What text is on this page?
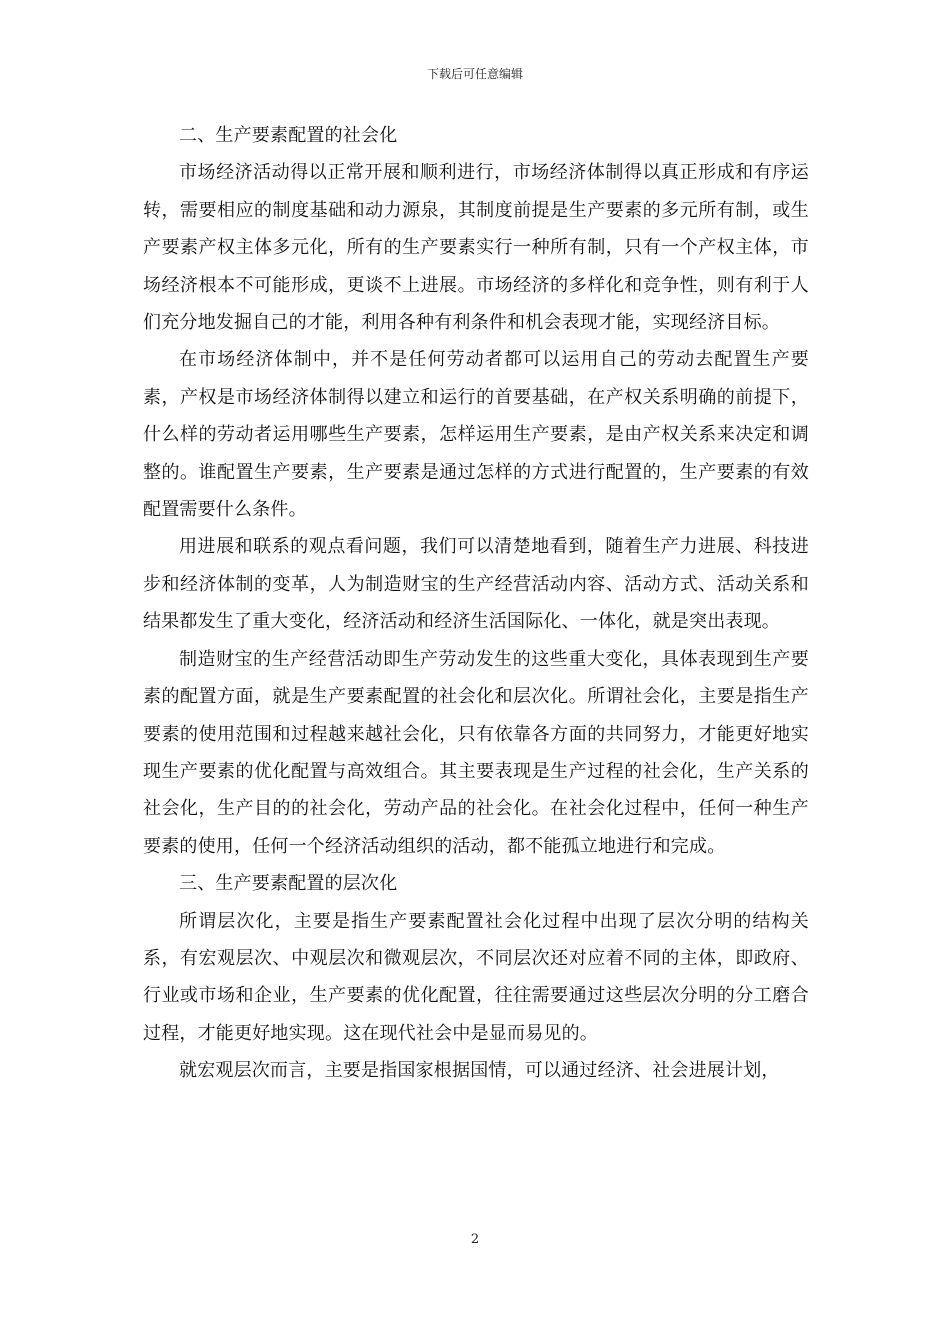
下载后可任意编辑

二、生产要素配置的社会化

市场经济活动得以正常开展和顺利进行，市场经济体制得以真正形成和有序运转，需要相应的制度基础和动力源泉，其制度前提是生产要素的多元所有制，或生产要素产权主体多元化，所有的生产要素实行一种所有制，只有一个产权主体，市场经济根本不可能形成，更谈不上进展。市场经济的多样化和竞争性，则有利于人们充分地发掘自己的才能，利用各种有利条件和机会表现才能，实现经济目标。

在市场经济体制中，并不是任何劳动者都可以运用自己的劳动去配置生产要素，产权是市场经济体制得以建立和运行的首要基础，在产权关系明确的前提下，什么样的劳动者运用哪些生产要素，怎样运用生产要素，是由产权关系来决定和调整的。谁配置生产要素，生产要素是通过怎样的方式进行配置的，生产要素的有效配置需要什么条件。

用进展和联系的观点看问题，我们可以清楚地看到，随着生产力进展、科技进步和经济体制的变革，人为制造财宝的生产经营活动内容、活动方式、活动关系和结果都发生了重大变化，经济活动和经济生活国际化、一体化，就是突出表现。

制造财宝的生产经营活动即生产劳动发生的这些重大变化，具体表现到生产要素的配置方面，就是生产要素配置的社会化和层次化。所谓社会化，主要是指生产要素的使用范围和过程越来越社会化，只有依靠各方面的共同努力，才能更好地实现生产要素的优化配置与高效组合。其主要表现是生产过程的社会化，生产关系的社会化，生产目的的社会化，劳动产品的社会化。在社会化过程中，任何一种生产要素的使用，任何一个经济活动组织的活动，都不能孤立地进行和完成。

三、生产要素配置的层次化

所谓层次化，主要是指生产要素配置社会化过程中出现了层次分明的结构关系，有宏观层次、中观层次和微观层次，不同层次还对应着不同的主体，即政府、行业或市场和企业，生产要素的优化配置，往往需要通过这些层次分明的分工磨合过程，才能更好地实现。这在现代社会中是显而易见的。

就宏观层次而言，主要是指国家根据国情，可以通过经济、社会进展计划，

2
